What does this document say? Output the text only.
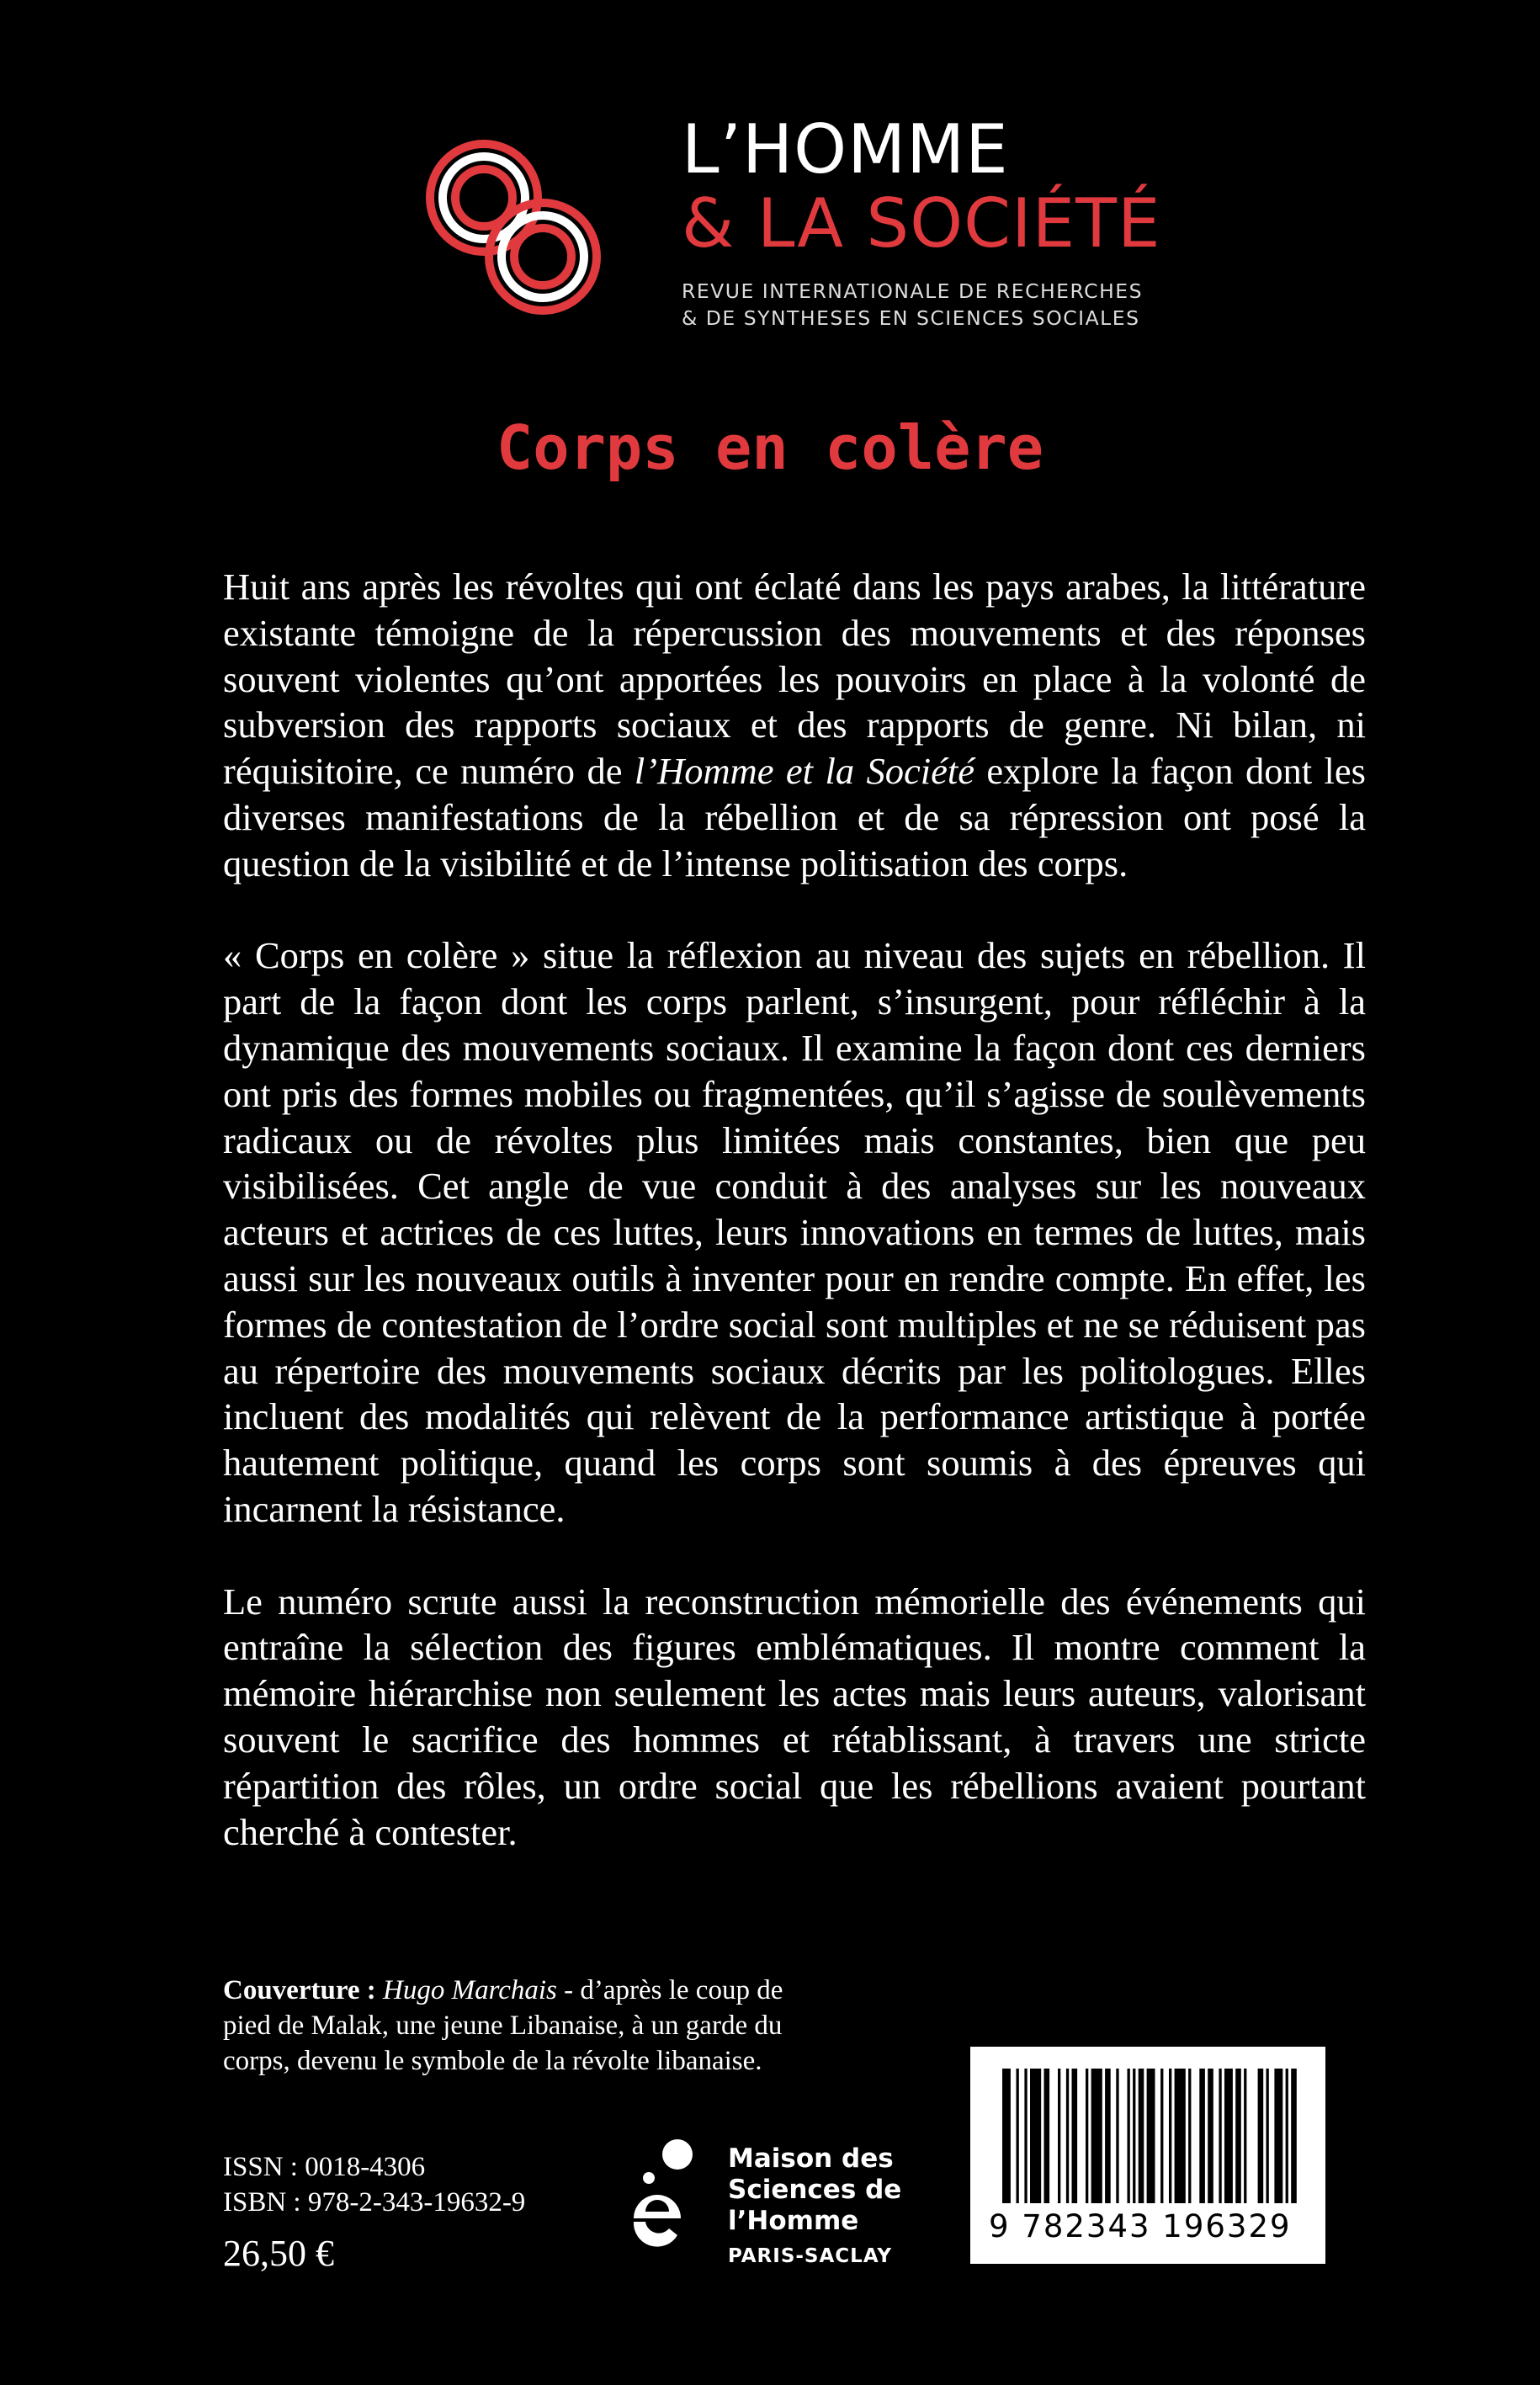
L’HOMME
& LA SOCIÉTÉ
REVUE INTERNATIONALE DE RECHERCHES
& DE SYNTHESES EN SCIENCES SOCIALES
Corps en colère

Huit ans après les révoltes qui ont éclaté dans les pays arabes, la littérature existante témoigne de la répercussion des mouvements et des réponses souvent violentes qu’ont apportées les pouvoirs en place à la volonté de subversion des rapports sociaux et des rapports de genre. Ni bilan, ni réquisitoire, ce numéro de l’Homme et la Société explore la façon dont les diverses manifestations de la rébellion et de sa répression ont posé la question de la visibilité et de l’intense politisation des corps.

« Corps en colère » situe la réflexion au niveau des sujets en rébellion. Il part de la façon dont les corps parlent, s’insurgent, pour réfléchir à la dynamique des mouvements sociaux. Il examine la façon dont ces derniers ont pris des formes mobiles ou fragmentées, qu’il s’agisse de soulèvements radicaux ou de révoltes plus limitées mais constantes, bien que peu visibilisées. Cet angle de vue conduit à des analyses sur les nouveaux acteurs et actrices de ces luttes, leurs innovations en termes de luttes, mais aussi sur les nouveaux outils à inventer pour en rendre compte. En effet, les formes de contestation de l’ordre social sont multiples et ne se réduisent pas au répertoire des mouvements sociaux décrits par les politologues. Elles incluent des modalités qui relèvent de la performance artistique à portée hautement politique, quand les corps sont soumis à des épreuves qui incarnent la résistance.

Le numéro scrute aussi la reconstruction mémorielle des événements qui entraîne la sélection des figures emblématiques. Il montre comment la mémoire hiérarchise non seulement les actes mais leurs auteurs, valorisant souvent le sacrifice des hommes et rétablissant, à travers une stricte répartition des rôles, un ordre social que les rébellions avaient pourtant cherché à contester.

Couverture : Hugo Marchais - d’après le coup de pied de Malak, une jeune Libanaise, à un garde du corps, devenu le symbole de la révolte libanaise.
ISSN : 0018-4306
ISBN : 978-2-343-19632-9
26,50 €
Maison des
Sciences de
l’Homme
PARIS-SACLAY
9 782343 196329
